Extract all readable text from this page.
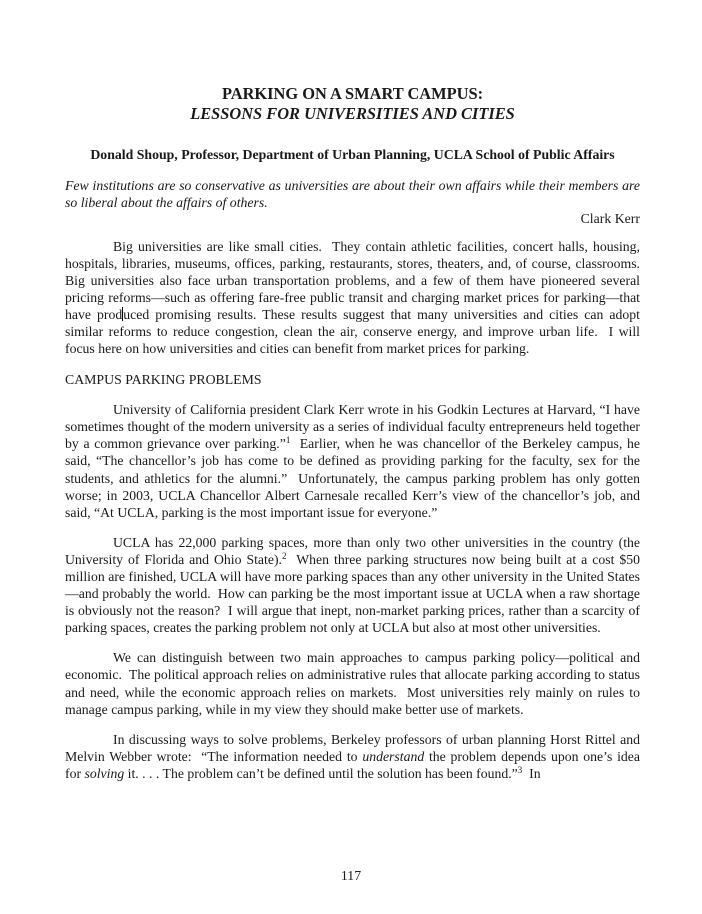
PARKING ON A SMART CAMPUS:
LESSONS FOR UNIVERSITIES AND CITIES
Donald Shoup, Professor, Department of Urban Planning, UCLA School of Public Affairs
Few institutions are so conservative as universities are about their own affairs while their members are so liberal about the affairs of others.
Clark Kerr

Big universities are like small cities.  They contain athletic facilities, concert halls, housing, hospitals, libraries, museums, offices, parking, restaurants, stores, theaters, and, of course, classrooms.  Big universities also face urban transportation problems, and a few of them have pioneered several pricing reforms—such as offering fare-free public transit and charging market prices for parking—that have produced promising results. These results suggest that many universities and cities can adopt similar reforms to reduce congestion, clean the air, conserve energy, and improve urban life.  I will focus here on how universities and cities can benefit from market prices for parking.

CAMPUS PARKING PROBLEMS

University of California president Clark Kerr wrote in his Godkin Lectures at Harvard, “I have sometimes thought of the modern university as a series of individual faculty entrepreneurs held together by a common grievance over parking.”$^1$  Earlier, when he was chancellor of the Berkeley campus, he said, “The chancellor’s job has come to be defined as providing parking for the faculty, sex for the students, and athletics for the alumni.”  Unfortunately, the campus parking problem has only gotten worse; in 2003, UCLA Chancellor Albert Carnesale recalled Kerr’s view of the chancellor’s job, and said, “At UCLA, parking is the most important issue for everyone.”

UCLA has 22,000 parking spaces, more than only two other universities in the country (the University of Florida and Ohio State).$^2$  When three parking structures now being built at a cost $50 million are finished, UCLA will have more parking spaces than any other university in the United States—and probably the world.  How can parking be the most important issue at UCLA when a raw shortage is obviously not the reason?  I will argue that inept, non-market parking prices, rather than a scarcity of parking spaces, creates the parking problem not only at UCLA but also at most other universities.

We can distinguish between two main approaches to campus parking policy—political and economic.  The political approach relies on administrative rules that allocate parking according to status and need, while the economic approach relies on markets.  Most universities rely mainly on rules to manage campus parking, while in my view they should make better use of markets.

In discussing ways to solve problems, Berkeley professors of urban planning Horst Rittel and Melvin Webber wrote:  “The information needed to understand the problem depends upon one’s idea for solving it. . . . The problem can’t be defined until the solution has been found.”$^3$  In

117
